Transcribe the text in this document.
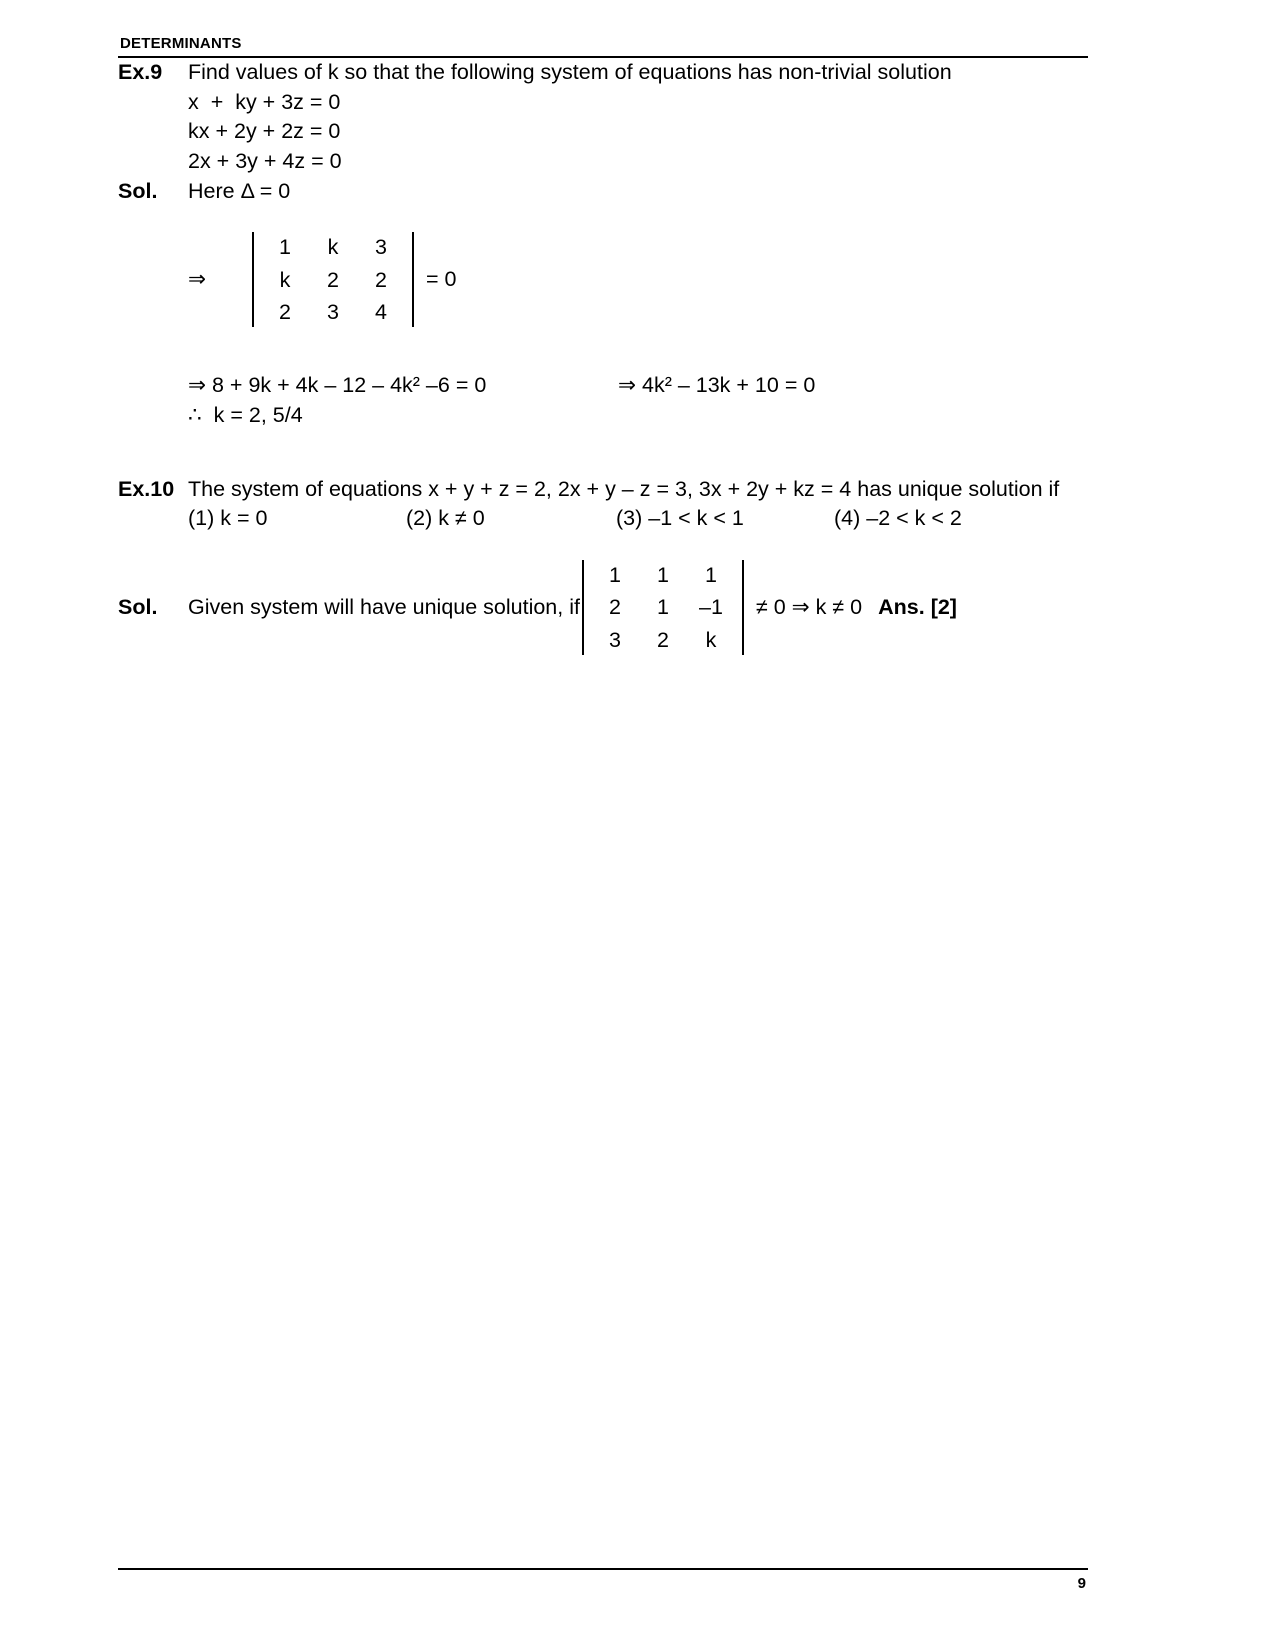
DETERMINANTS
Ex.9	Find values of k so that the following system of equations has non-trivial solution
x  +  ky + 3z = 0
kx + 2y + 2z = 0
2x + 3y + 4z = 0
Sol.	Here Δ = 0
⇒
1	k	3
k	2	2
2	3	4
= 0
⇒ 8 + 9k + 4k – 12 – 4k² –6 = 0	⇒ 4k² – 13k + 10 = 0
∴  k = 2, 5/4
Ex.10 The system of equations x + y + z = 2, 2x + y – z = 3, 3x + 2y + kz = 4 has unique solution if
(1) k = 0	(2) k ≠ 0	(3) –1 < k < 1	(4) –2 < k < 2
Sol.	Given system will have unique solution, if
1	1	1
2	1	–1
3	2	k
≠ 0 ⇒ k ≠ 0 Ans. [2]
9
